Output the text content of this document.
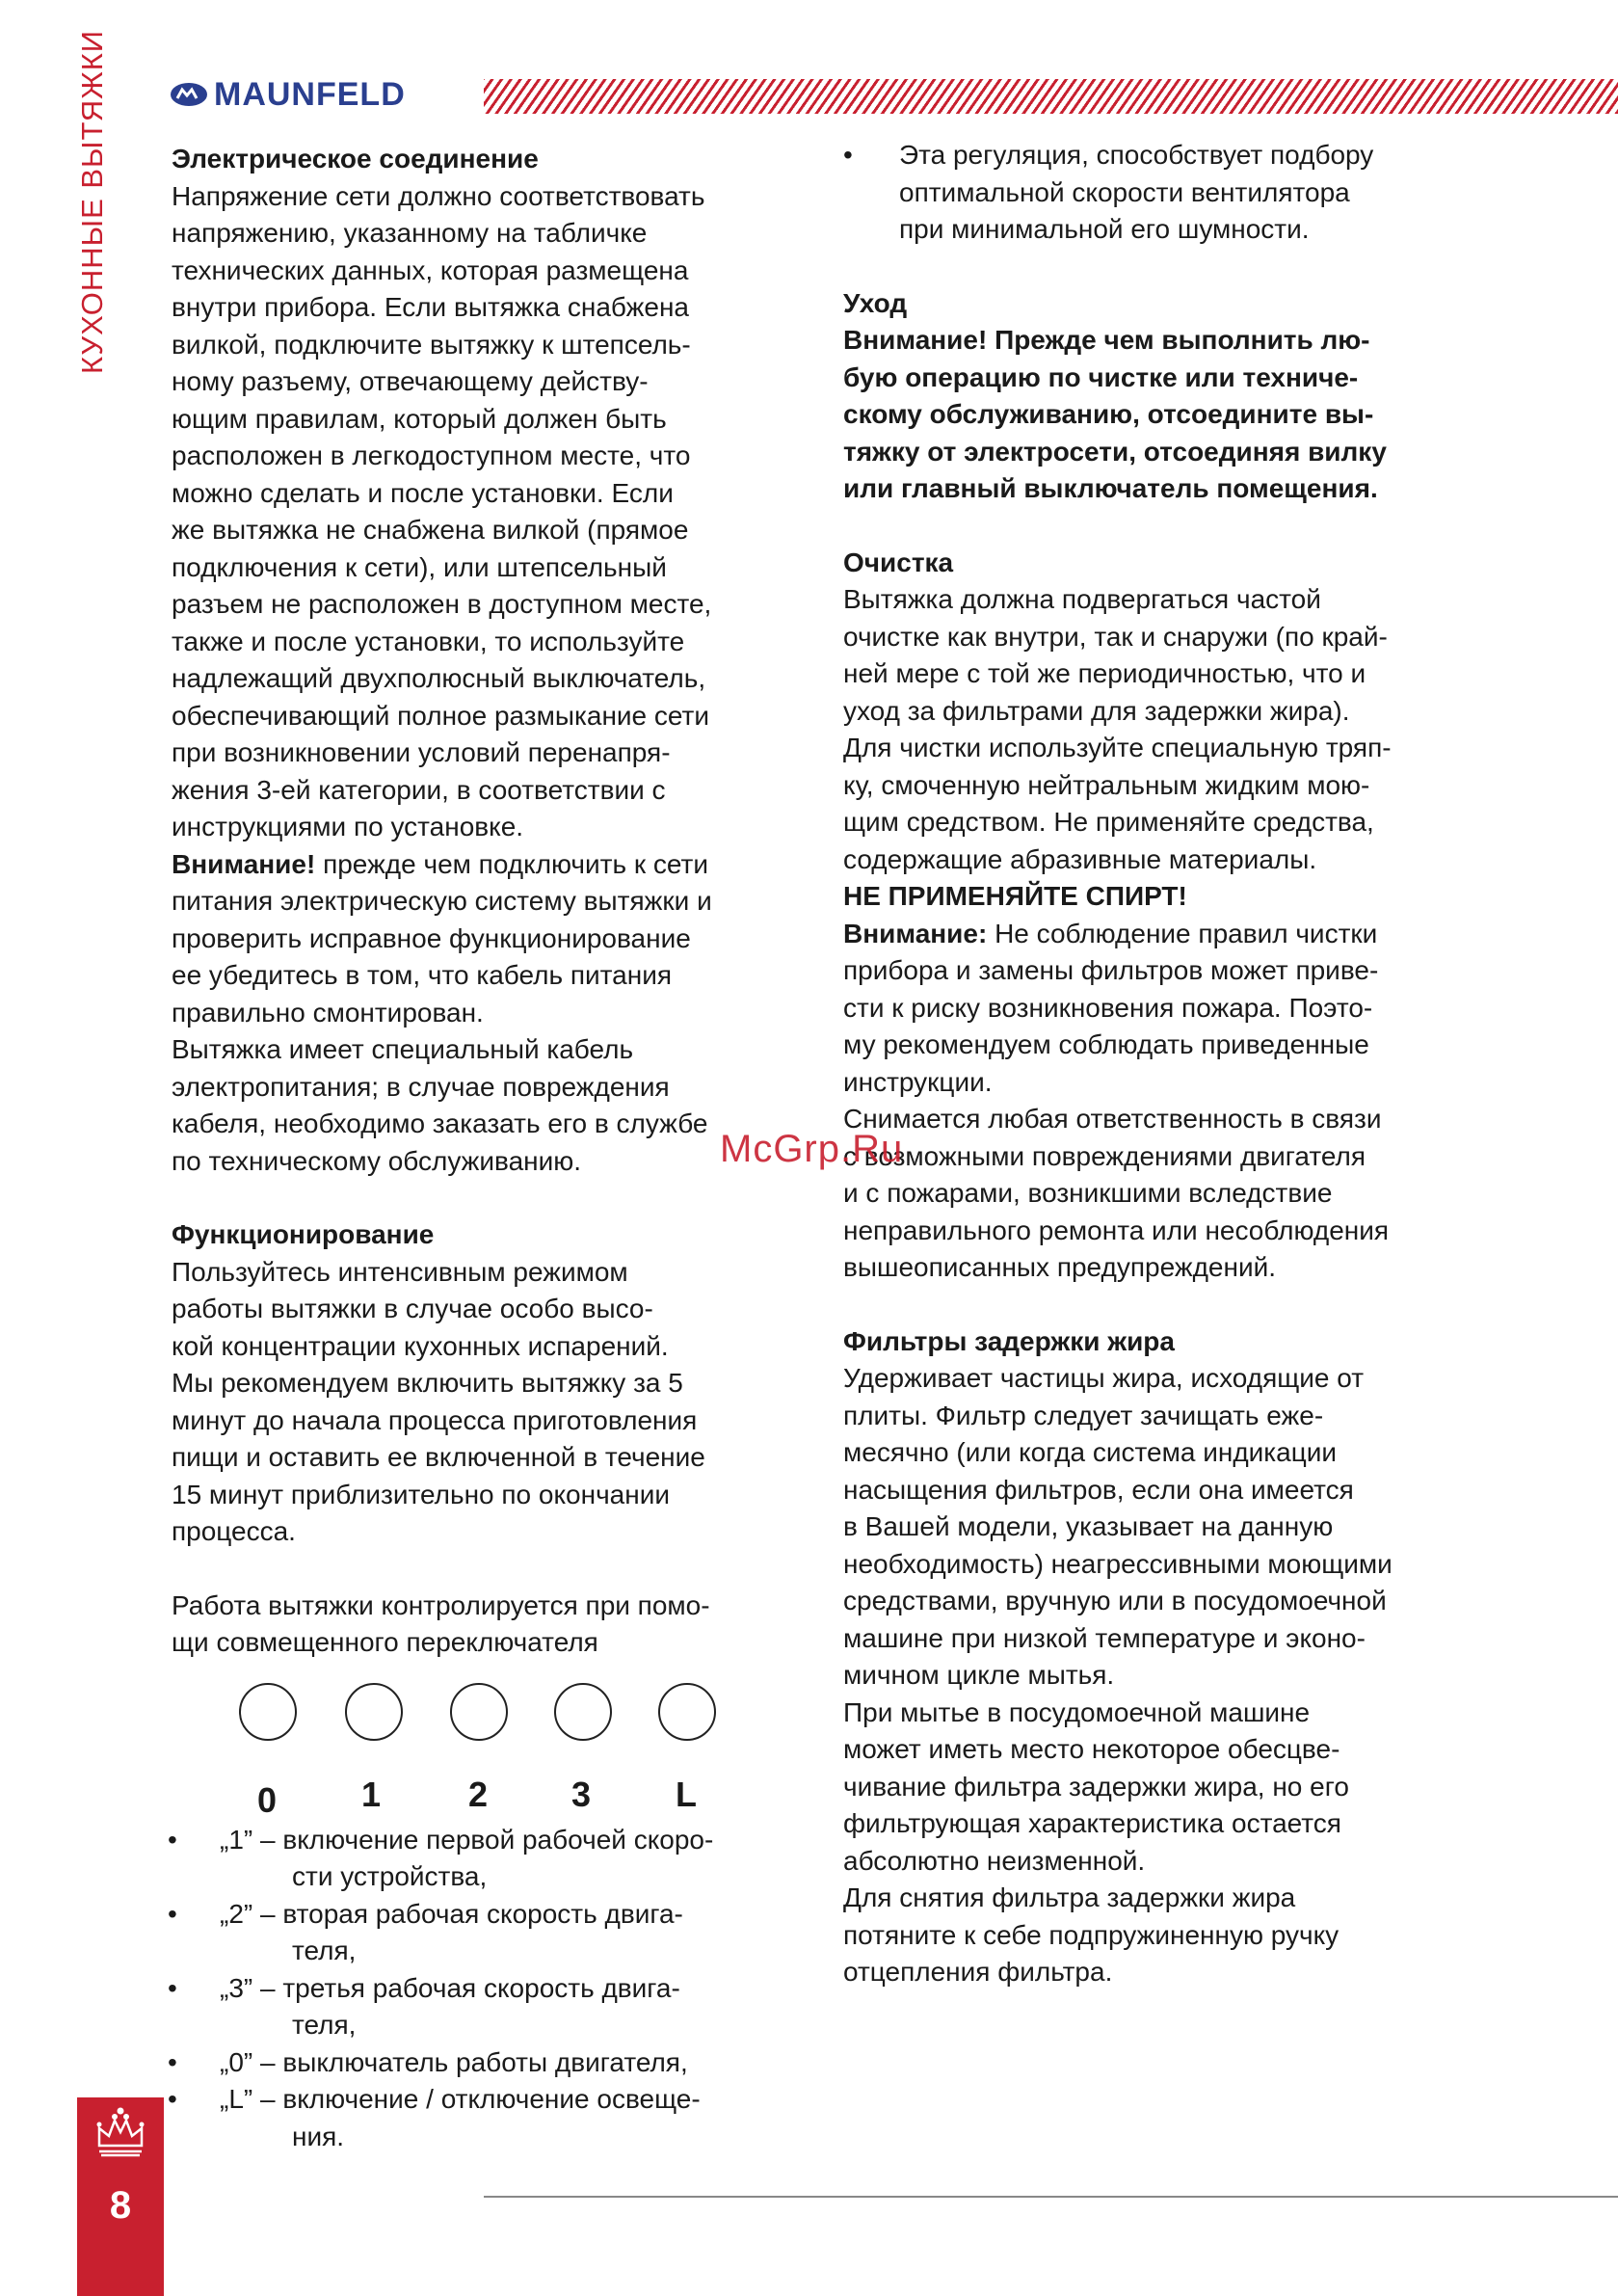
КУХОННЫЕ ВЫТЯЖКИ	MAUNFELD

Электрическое соединение

Напряжение сети должно соответствовать

напряжению, указанному на табличке

технических данных, которая размещена

внутри прибора. Если вытяжка снабжена

вилкой, подключите вытяжку к штепсель-

ному разъему, отвечающему действу-

ющим правилам, который должен быть

расположен в легкодоступном месте, что

можно сделать и после установки. Если

же вытяжка не снабжена вилкой (прямое

подключения к сети), или штепсельный

разъем не расположен в доступном месте,

также и после установки, то используйте

надлежащий двухполюсный выключатель,

обеспечивающий полное размыкание сети

при возникновении условий перенапря-

жения 3-ей категории, в соответствии с

инструкциями по установке.

Внимание! прежде чем подключить к сети

питания электрическую систему вытяжки и

проверить исправное функционирование

ее убедитесь в том, что кабель питания

правильно смонтирован.

Вытяжка имеет специальный кабель

электропитания; в случае повреждения

кабеля, необходимо заказать его в службе

по техническому обслуживанию.

Функционирование

Пользуйтесь интенсивным режимом

работы вытяжки в случае особо высо-

кой концентрации кухонных испарений.

Мы рекомендуем включить вытяжку за 5

минут до начала процесса приготовления

пищи и оставить ее включенной в течение

15 минут приблизительно по окончании

процесса.

Работа вытяжки контролируется при помо-

щи совмещенного переключателя

0 1	2 3 L
• „1” – включение первой рабочей скоро-

сти устройства,

• „2” – вторая рабочая скорость двига-

теля,

• „3” – третья рабочая скорость двига-

теля,

• „0” – выключатель работы двигателя,

• „L” – включение / отключение освеще-

ния.

• Эта регуляция, способствует подбору

оптимальной скорости вентилятора

при минимальной его шумности.

Уход

Внимание! Прежде чем выполнить лю-

бую операцию по чистке или техниче-

скому обслуживанию, отсоедините вы-

тяжку от электросети, отсоединяя вилку

или главный выключатель помещения.

Очистка

Вытяжка должна подвергаться частой

очистке как внутри, так и снаружи (по край-

ней мере с той же периодичностью, что и

уход за фильтрами для задержки жира).

Для чистки используйте специальную тряп-

ку, смоченную нейтральным жидким мою-

щим средством. Не применяйте средства,

содержащие абразивные материалы.

НЕ ПРИМЕНЯЙТЕ СПИРТ!

Внимание: Не соблюдение правил чистки

прибора и замены фильтров может приве-

сти к риску возникновения пожара. Поэто-

му рекомендуем соблюдать приведенные

инструкции.

Снимается любая ответственность в связи

с возможными повреждениями двигателя

и с пожарами, возникшими вследствие

неправильного ремонта или несоблюдения

вышеописанных предупреждений.

Фильтры задержки жира

Удерживает частицы жира, исходящие от

плиты. Фильтр следует зачищать еже-

месячно (или когда система индикации

насыщения фильтров, если она имеется

в Вашей модели, указывает на данную

необходимость) неагрессивными моющими

средствами, вручную или в посудомоечной

машине при низкой температуре и эконо-

мичном цикле мытья.

При мытье в посудомоечной машине

может иметь место некоторое обесцве-

чивание фильтра задержки жира, но его

фильтрующая характеристика остается

абсолютно неизменной.

Для снятия фильтра задержки жира

потяните к себе подпружиненную ручку

отцепления фильтра.

McGrp.Ru
8
